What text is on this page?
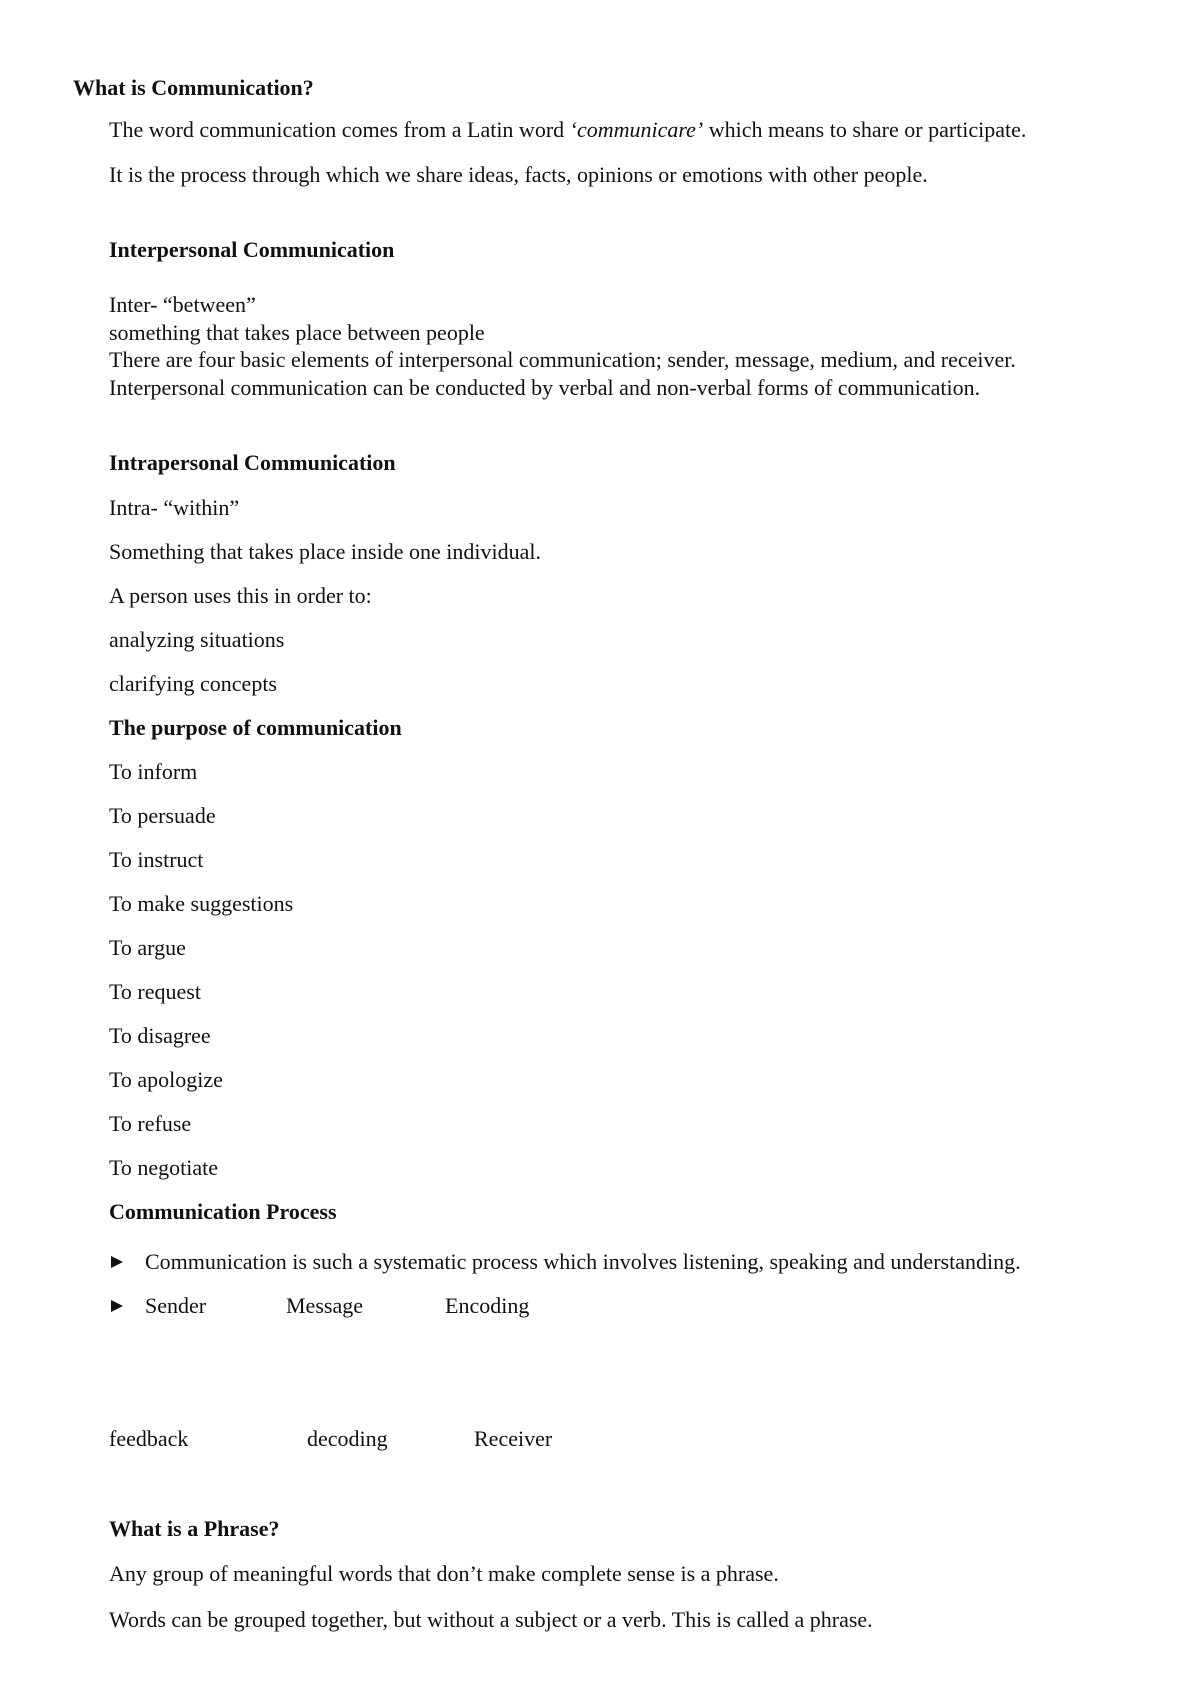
What is Communication?
The word communication comes from a Latin word ‘communicare’ which means to share or participate.
It is the process through which we share ideas, facts, opinions or emotions with other people.
Interpersonal Communication
Inter- “between”
something that takes place between people
There are four basic elements of interpersonal communication; sender, message, medium, and receiver.
Interpersonal communication can be conducted by verbal and non-verbal forms of communication.
Intrapersonal Communication
Intra- “within”
Something that takes place inside one individual.
A person uses this in order to:
analyzing situations
clarifying concepts
The purpose of communication
To inform
To persuade
To instruct
To make suggestions
To argue
To request
To disagree
To apologize
To refuse
To negotiate
Communication Process
Communication is such a systematic process which involves listening, speaking and understanding.
Sender	Message	Encoding
feedback	decoding	Receiver
What is a Phrase?
Any group of meaningful words that don’t make complete sense is a phrase.
Words can be grouped together, but without a subject or a verb. This is called a phrase.
